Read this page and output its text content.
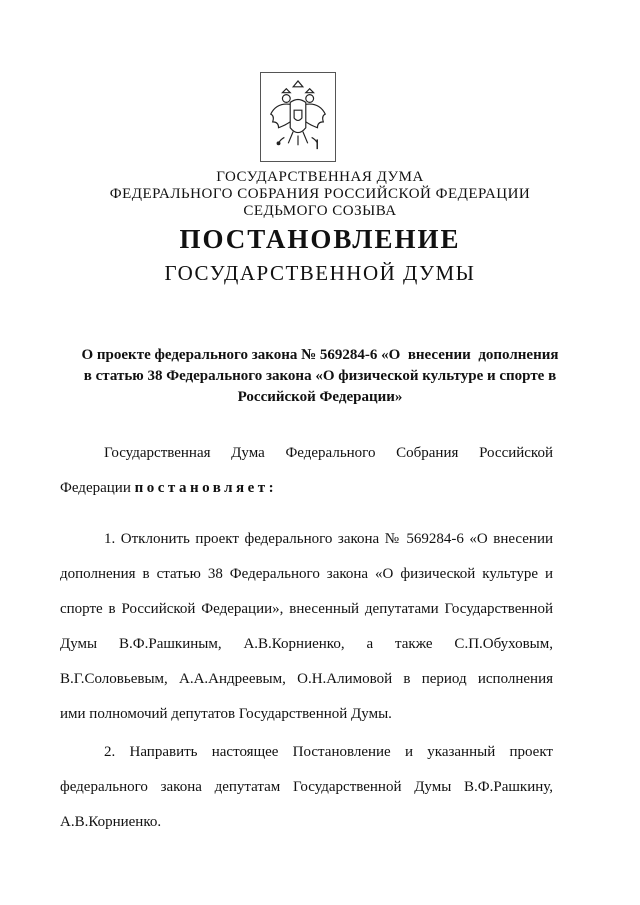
ГОСУДАРСТВЕННАЯ ДУМА
ФЕДЕРАЛЬНОГО СОБРАНИЯ РОССИЙСКОЙ ФЕДЕРАЦИИ
СЕДЬМОГО СОЗЫВА
ПОСТАНОВЛЕНИЕ
ГОСУДАРСТВЕННОЙ ДУМЫ
О проекте федерального закона № 569284-6 «О  внесении  дополнения
в статью 38 Федерального закона «О физической культуре и спорте в
Российской Федерации»
Государственная Дума Федерального Собрания Российской
Федерации постановляет:
1. Отклонить проект федерального закона № 569284-6 «О внесении
дополнения в статью 38 Федерального закона «О физической культуре и
спорте в Российской Федерации», внесенный депутатами Государственной
Думы В.Ф.Рашкиным, А.В.Корниенко, а также С.П.Обуховым,
В.Г.Соловьевым, А.А.Андреевым, О.Н.Алимовой в период исполнения
ими полномочий депутатов Государственной Думы.
2. Направить настоящее Постановление и указанный проект
федерального закона депутатам Государственной Думы В.Ф.Рашкину,
А.В.Корниенко.
